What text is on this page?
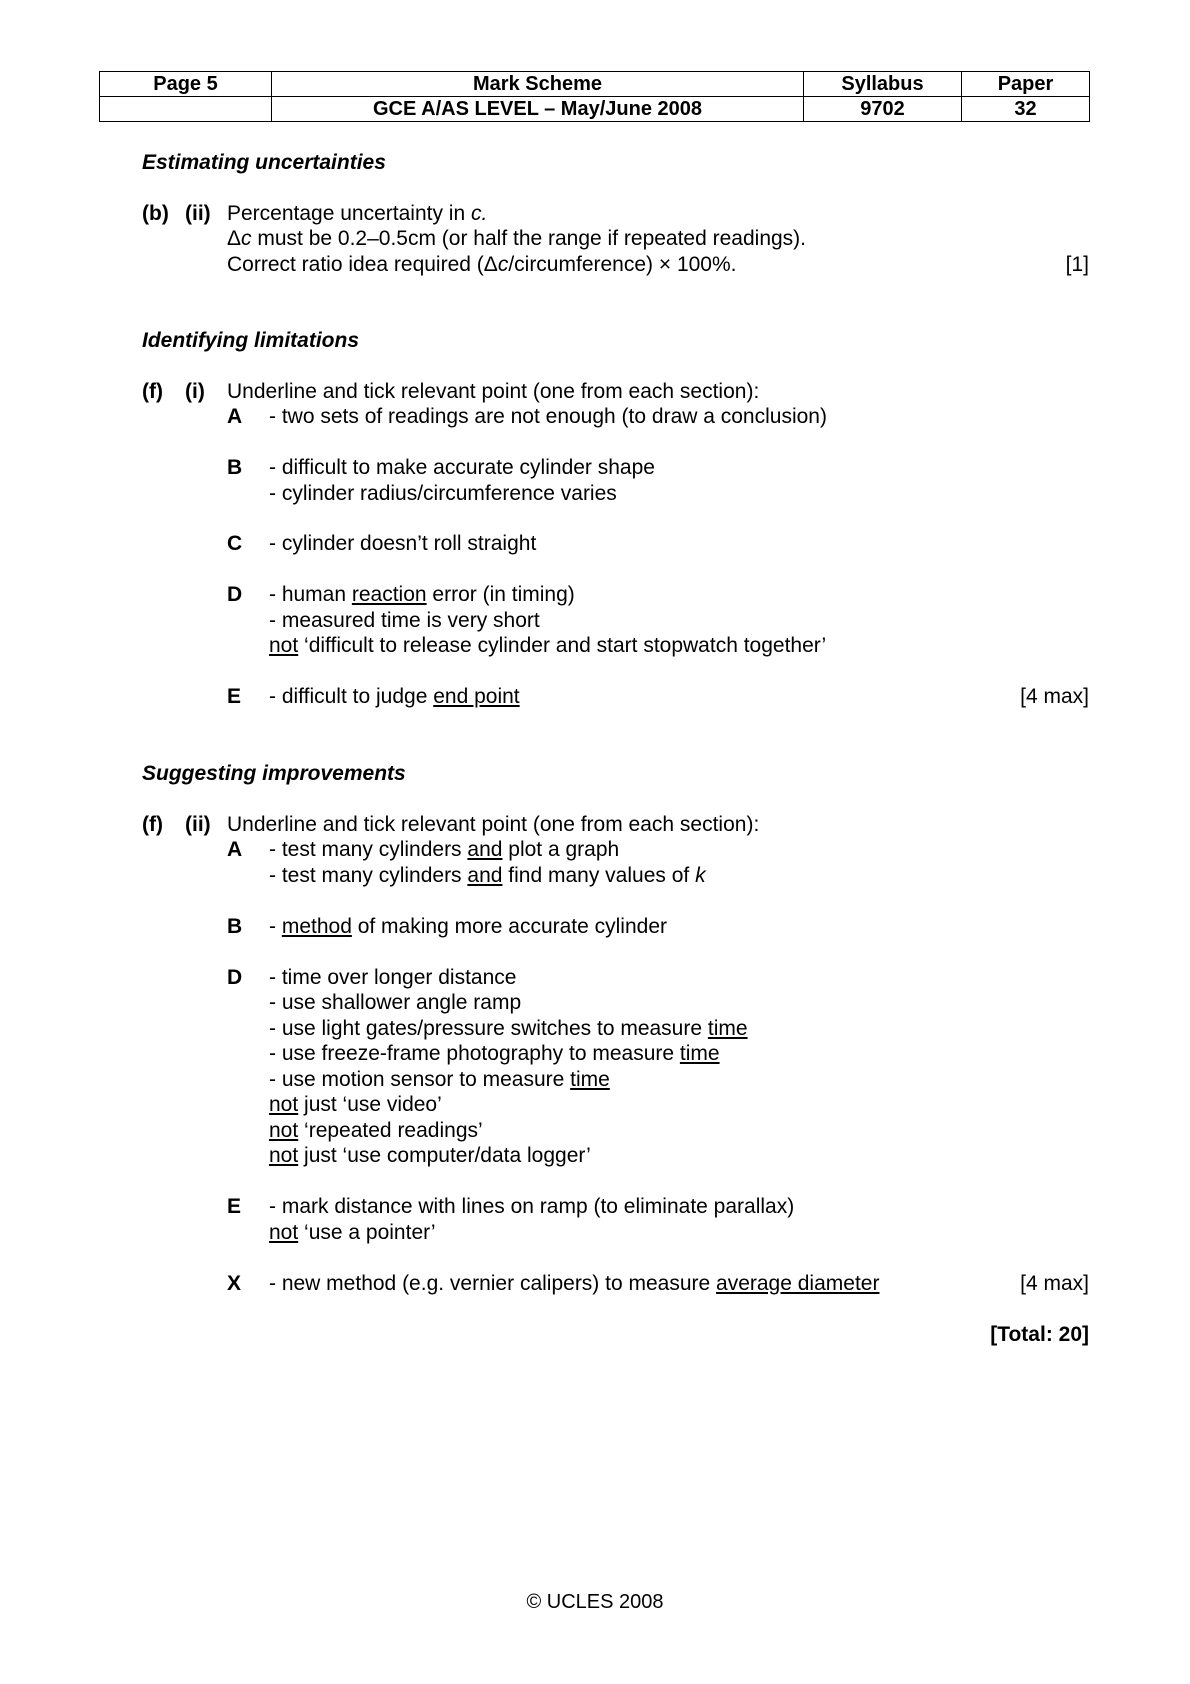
Page 5	Mark Scheme	Syllabus	Paper
	GCE A/AS LEVEL – May/June 2008	9702	32
Estimating uncertainties
(b) (ii) Percentage uncertainty in c.
Δc must be 0.2–0.5cm (or half the range if repeated readings).
Correct ratio idea required (Δc/circumference) × 100%.	[1]
Identifying limitations
(f) (i) Underline and tick relevant point (one from each section):
A - two sets of readings are not enough (to draw a conclusion)
B - difficult to make accurate cylinder shape
- cylinder radius/circumference varies
C - cylinder doesn’t roll straight
D - human reaction error (in timing)
- measured time is very short
not ‘difficult to release cylinder and start stopwatch together’
E - difficult to judge end point	[4 max]
Suggesting improvements
(f) (ii) Underline and tick relevant point (one from each section):
A - test many cylinders and plot a graph
- test many cylinders and find many values of k
B - method of making more accurate cylinder
D - time over longer distance
- use shallower angle ramp
- use light gates/pressure switches to measure time
- use freeze-frame photography to measure time
- use motion sensor to measure time
not just ‘use video’
not ‘repeated readings’
not just ‘use computer/data logger’
E - mark distance with lines on ramp (to eliminate parallax)
not ‘use a pointer’
X - new method (e.g. vernier calipers) to measure average diameter	[4 max]
[Total: 20]
© UCLES 2008
